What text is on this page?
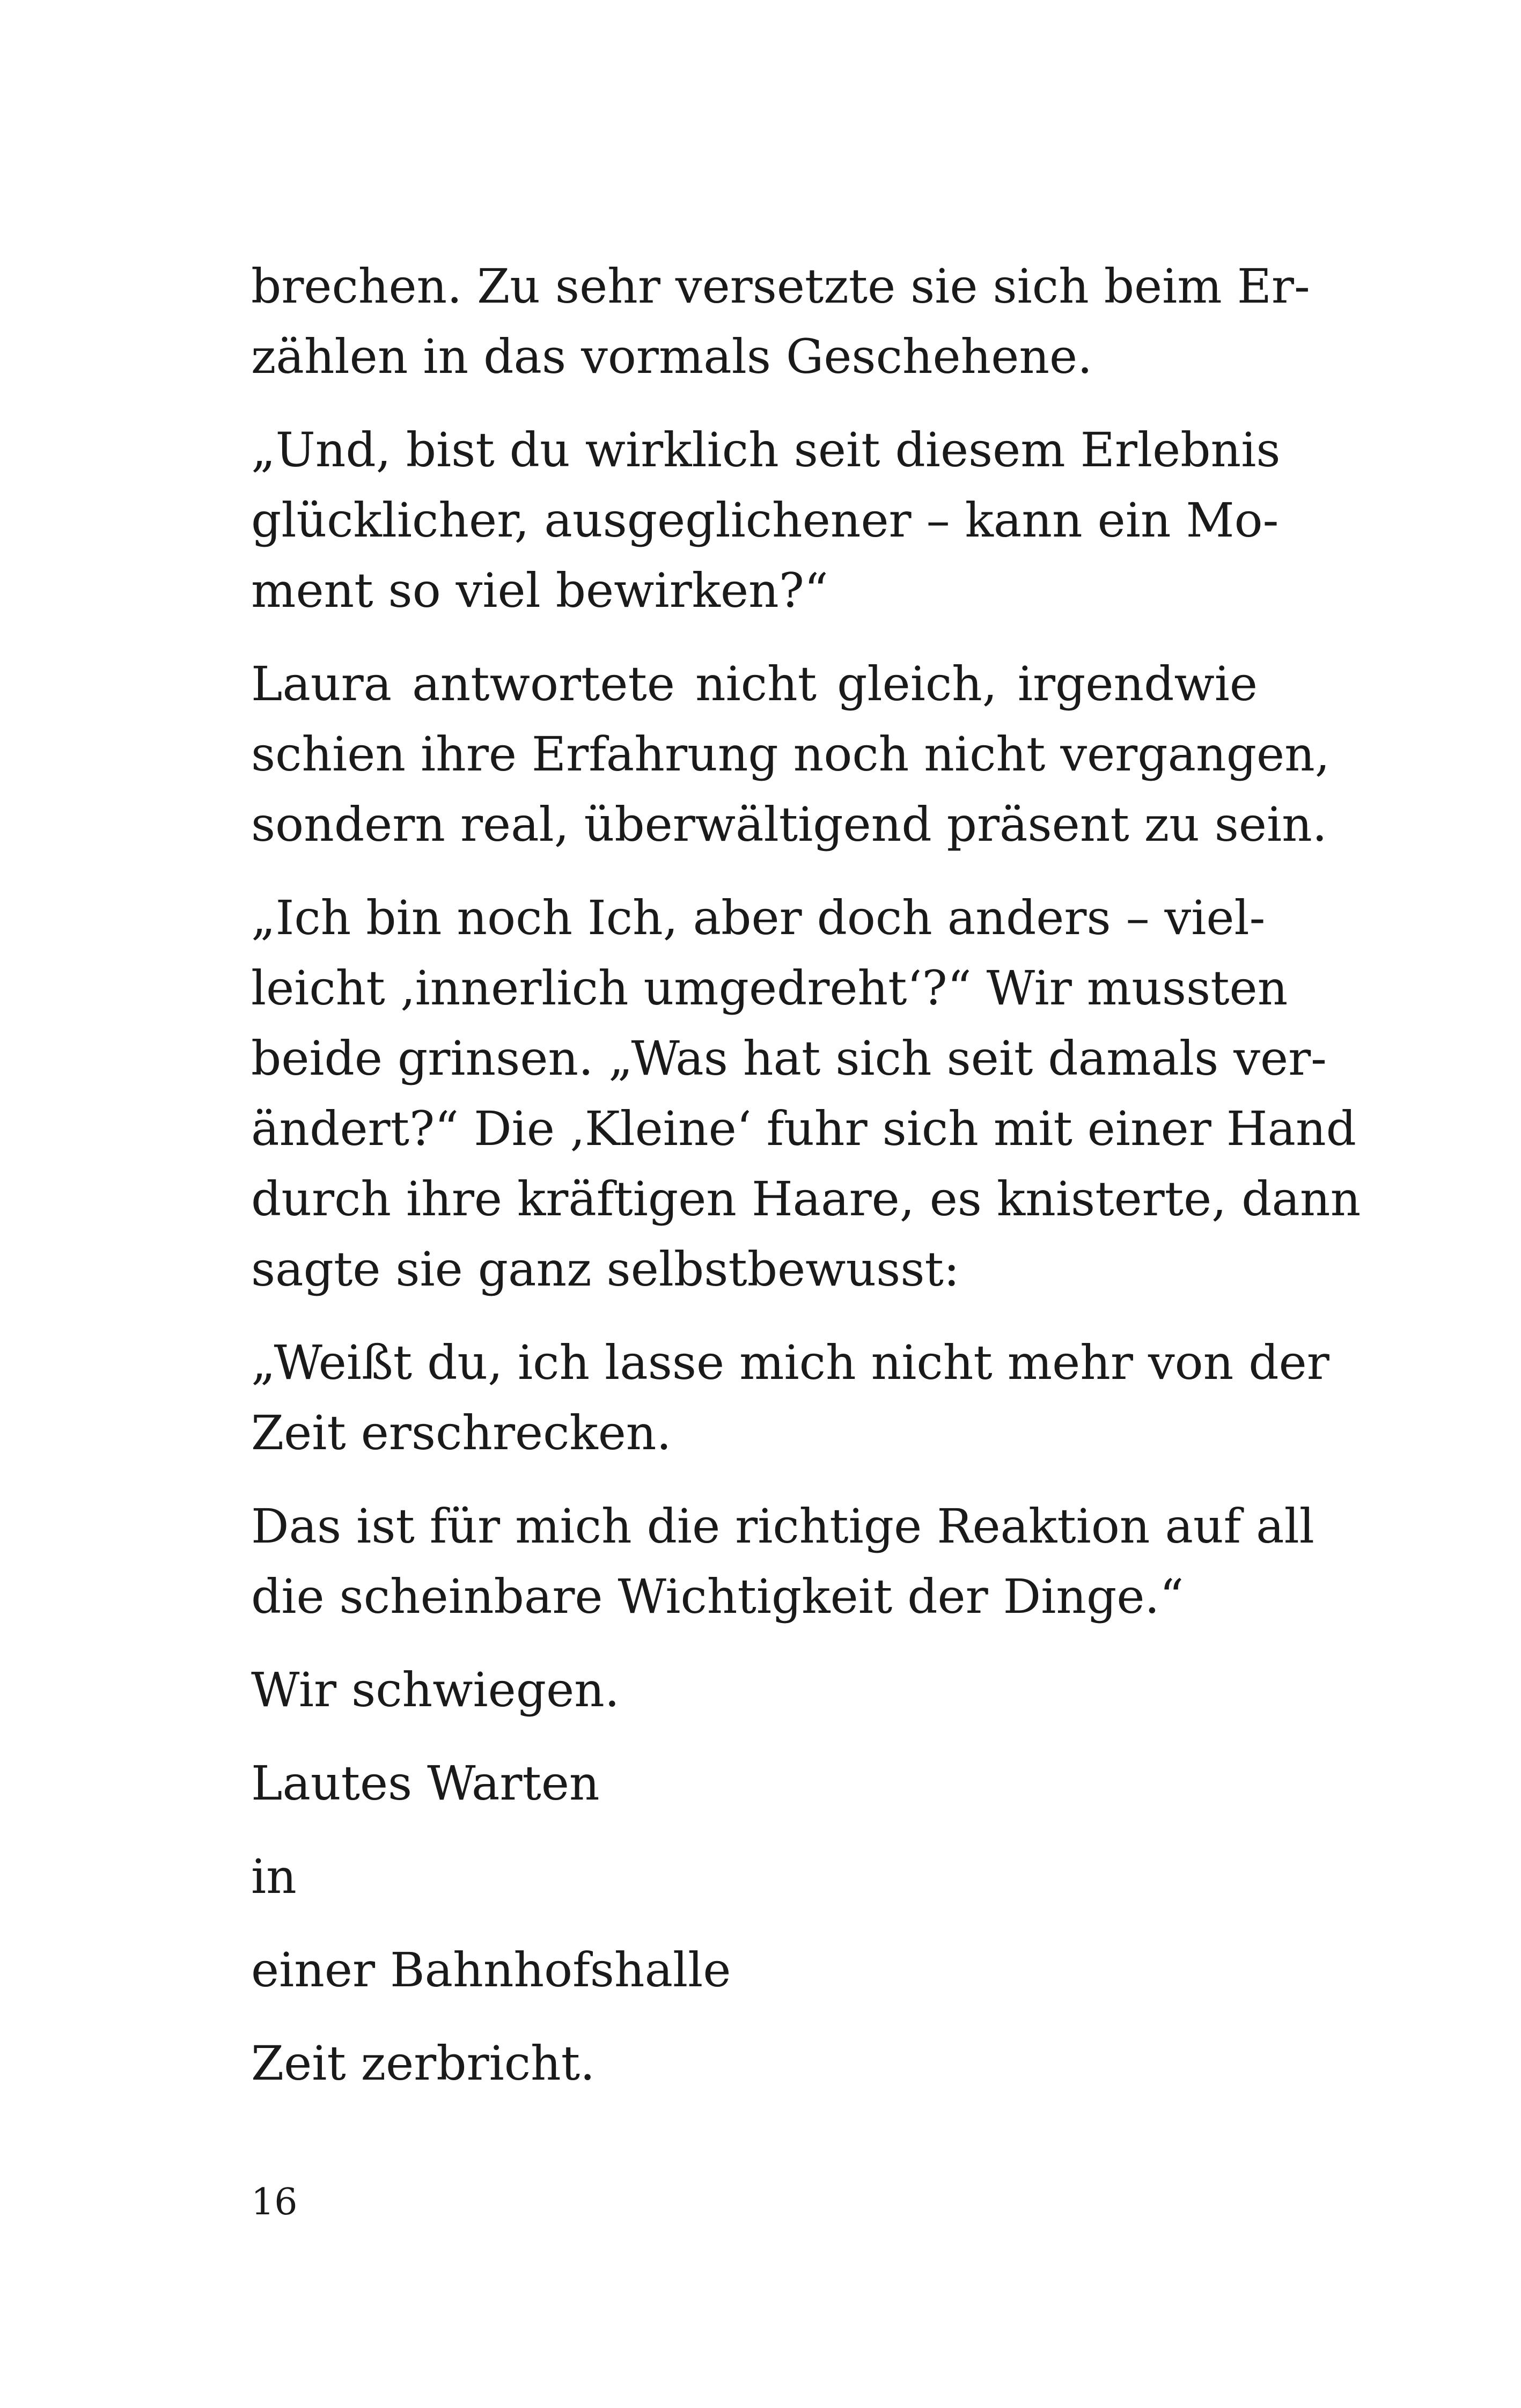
brechen. Zu sehr versetzte sie sich beim Er-
zählen in das vormals Geschehene.

„Und, bist du wirklich seit diesem Erlebnis
glücklicher, ausgeglichener – kann ein Mo-
ment so viel bewirken?“

Laura antwortete nicht gleich, irgendwie
schien ihre Erfahrung noch nicht vergangen,
sondern real, überwältigend präsent zu sein.

„Ich bin noch Ich, aber doch anders – viel-
leicht ‚innerlich umgedreht‘?“ Wir mussten
beide grinsen. „Was hat sich seit damals ver-
ändert?“ Die ‚Kleine‘ fuhr sich mit einer Hand
durch ihre kräftigen Haare, es knisterte, dann
sagte sie ganz selbstbewusst:

„Weißt du, ich lasse mich nicht mehr von der
Zeit erschrecken.

Das ist für mich die richtige Reaktion auf all
die scheinbare Wichtigkeit der Dinge.“

Wir schwiegen.

Lautes Warten

in

einer Bahnhofshalle

Zeit zerbricht.

16
